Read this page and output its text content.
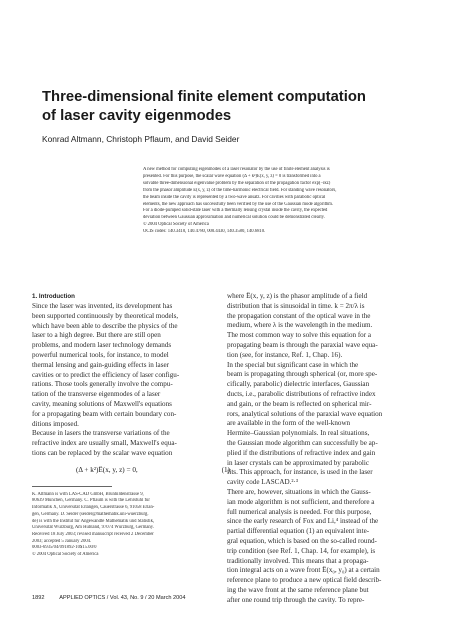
Three-dimensional finite element computation
of laser cavity eigenmodes
Konrad Altmann, Christoph Pflaum, and David Seider
A new method for computing eigenmodes of a laser resonator by the use of finite element analysis is
presented. For this purpose, the scalar wave equation (Δ + k²)Ê(x, y, z) = 0 is transformed into a
solvable three-dimensional eigenvalue problem by the separation of the propagation factor exp(−ikz)
from the phasor amplitude Ê(x, y, z) of the time-harmonic electrical field. For standing wave resonators,
the beam inside the cavity is represented by a two-wave ansatz. For cavities with parabolic optical
elements, the new approach has successfully been verified by the use of the Gaussian mode algorithm.
For a diode-pumped solid-state laser with a thermally lensing crystal inside the cavity, the expected
deviation between Gaussian approximation and numerical solution could be demonstrated clearly.
© 2004 Optical Society of America
OCIS codes: 140.3410, 140.4780, 000.4430, 140.3580, 140.6810.
1. Introduction
Since the laser was invented, its development has
been supported continuously by theoretical models,
which have been able to describe the physics of the
laser to a high degree. But there are still open
problems, and modern laser technology demands
powerful numerical tools, for instance, to model
thermal lensing and gain-guiding effects in laser
cavities or to predict the efficiency of laser configu-
rations. Those tools generally involve the compu-
tation of the transverse eigenmodes of a laser
cavity, meaning solutions of Maxwell's equations
for a propagating beam with certain boundary con-
ditions imposed.
Because in lasers the transverse variations of the
refractive index are usually small, Maxwell's equa-
tions can be replaced by the scalar wave equation
(Δ + k²)Ê(x, y, z) = 0,	(1)
K. Altmann is with LAS-CAD GmbH, Brunhildenstrasse 9,
80639 München, Germany. C. Pflaum is with the Lehrstuhl für
Informatik X, Universität Erlangen, Cauerstrasse 6, 91058 Erlan-
gen, Germany. D. Seider (seider@mathematik.uni-wuerzburg.
de) is with the Institut für Angewandte Mathematik und Statistik,
Universität Würzburg, Am Hubland, 97074 Würzburg, Germany.
Received 18 July 2003; revised manuscript received 2 December
2003; accepted 5 January 2004.
0003-6935/04/091892-10$15.00/0
© 2004 Optical Society of America
where Ê(x, y, z) is the phasor amplitude of a field
distribution that is sinusoidal in time. k = 2π/λ is
the propagation constant of the optical wave in the
medium, where λ is the wavelength in the medium.
The most common way to solve this equation for a
propagating beam is through the paraxial wave equa-
tion (see, for instance, Ref. 1, Chap. 16).
In the special but significant case in which the
beam is propagating through spherical (or, more spe-
cifically, parabolic) dielectric interfaces, Gaussian
ducts, i.e., parabolic distributions of refractive index
and gain, or the beam is reflected on spherical mir-
rors, analytical solutions of the paraxial wave equation
are available in the form of the well-known
Hermite–Gaussian polynomials. In real situations,
the Gaussian mode algorithm can successfully be ap-
plied if the distributions of refractive index and gain
in laser crystals can be approximated by parabolic
fits. This approach, for instance, is used in the laser
cavity code LASCAD.²·³
There are, however, situations in which the Gauss-
ian mode algorithm is not sufficient, and therefore a
full numerical analysis is needed. For this purpose,
since the early research of Fox and Li,⁴ instead of the
partial differential equation (1) an equivalent inte-
gral equation, which is based on the so-called round-
trip condition (see Ref. 1, Chap. 14, for example), is
traditionally involved. This means that a propaga-
tion integral acts on a wave front Ê(x₀, y₀) at a certain
reference plane to produce a new optical field describ-
ing the wave front at the same reference plane but
after one round trip through the cavity. To repre-
1892	APPLIED OPTICS / Vol. 43, No. 9 / 20 March 2004
